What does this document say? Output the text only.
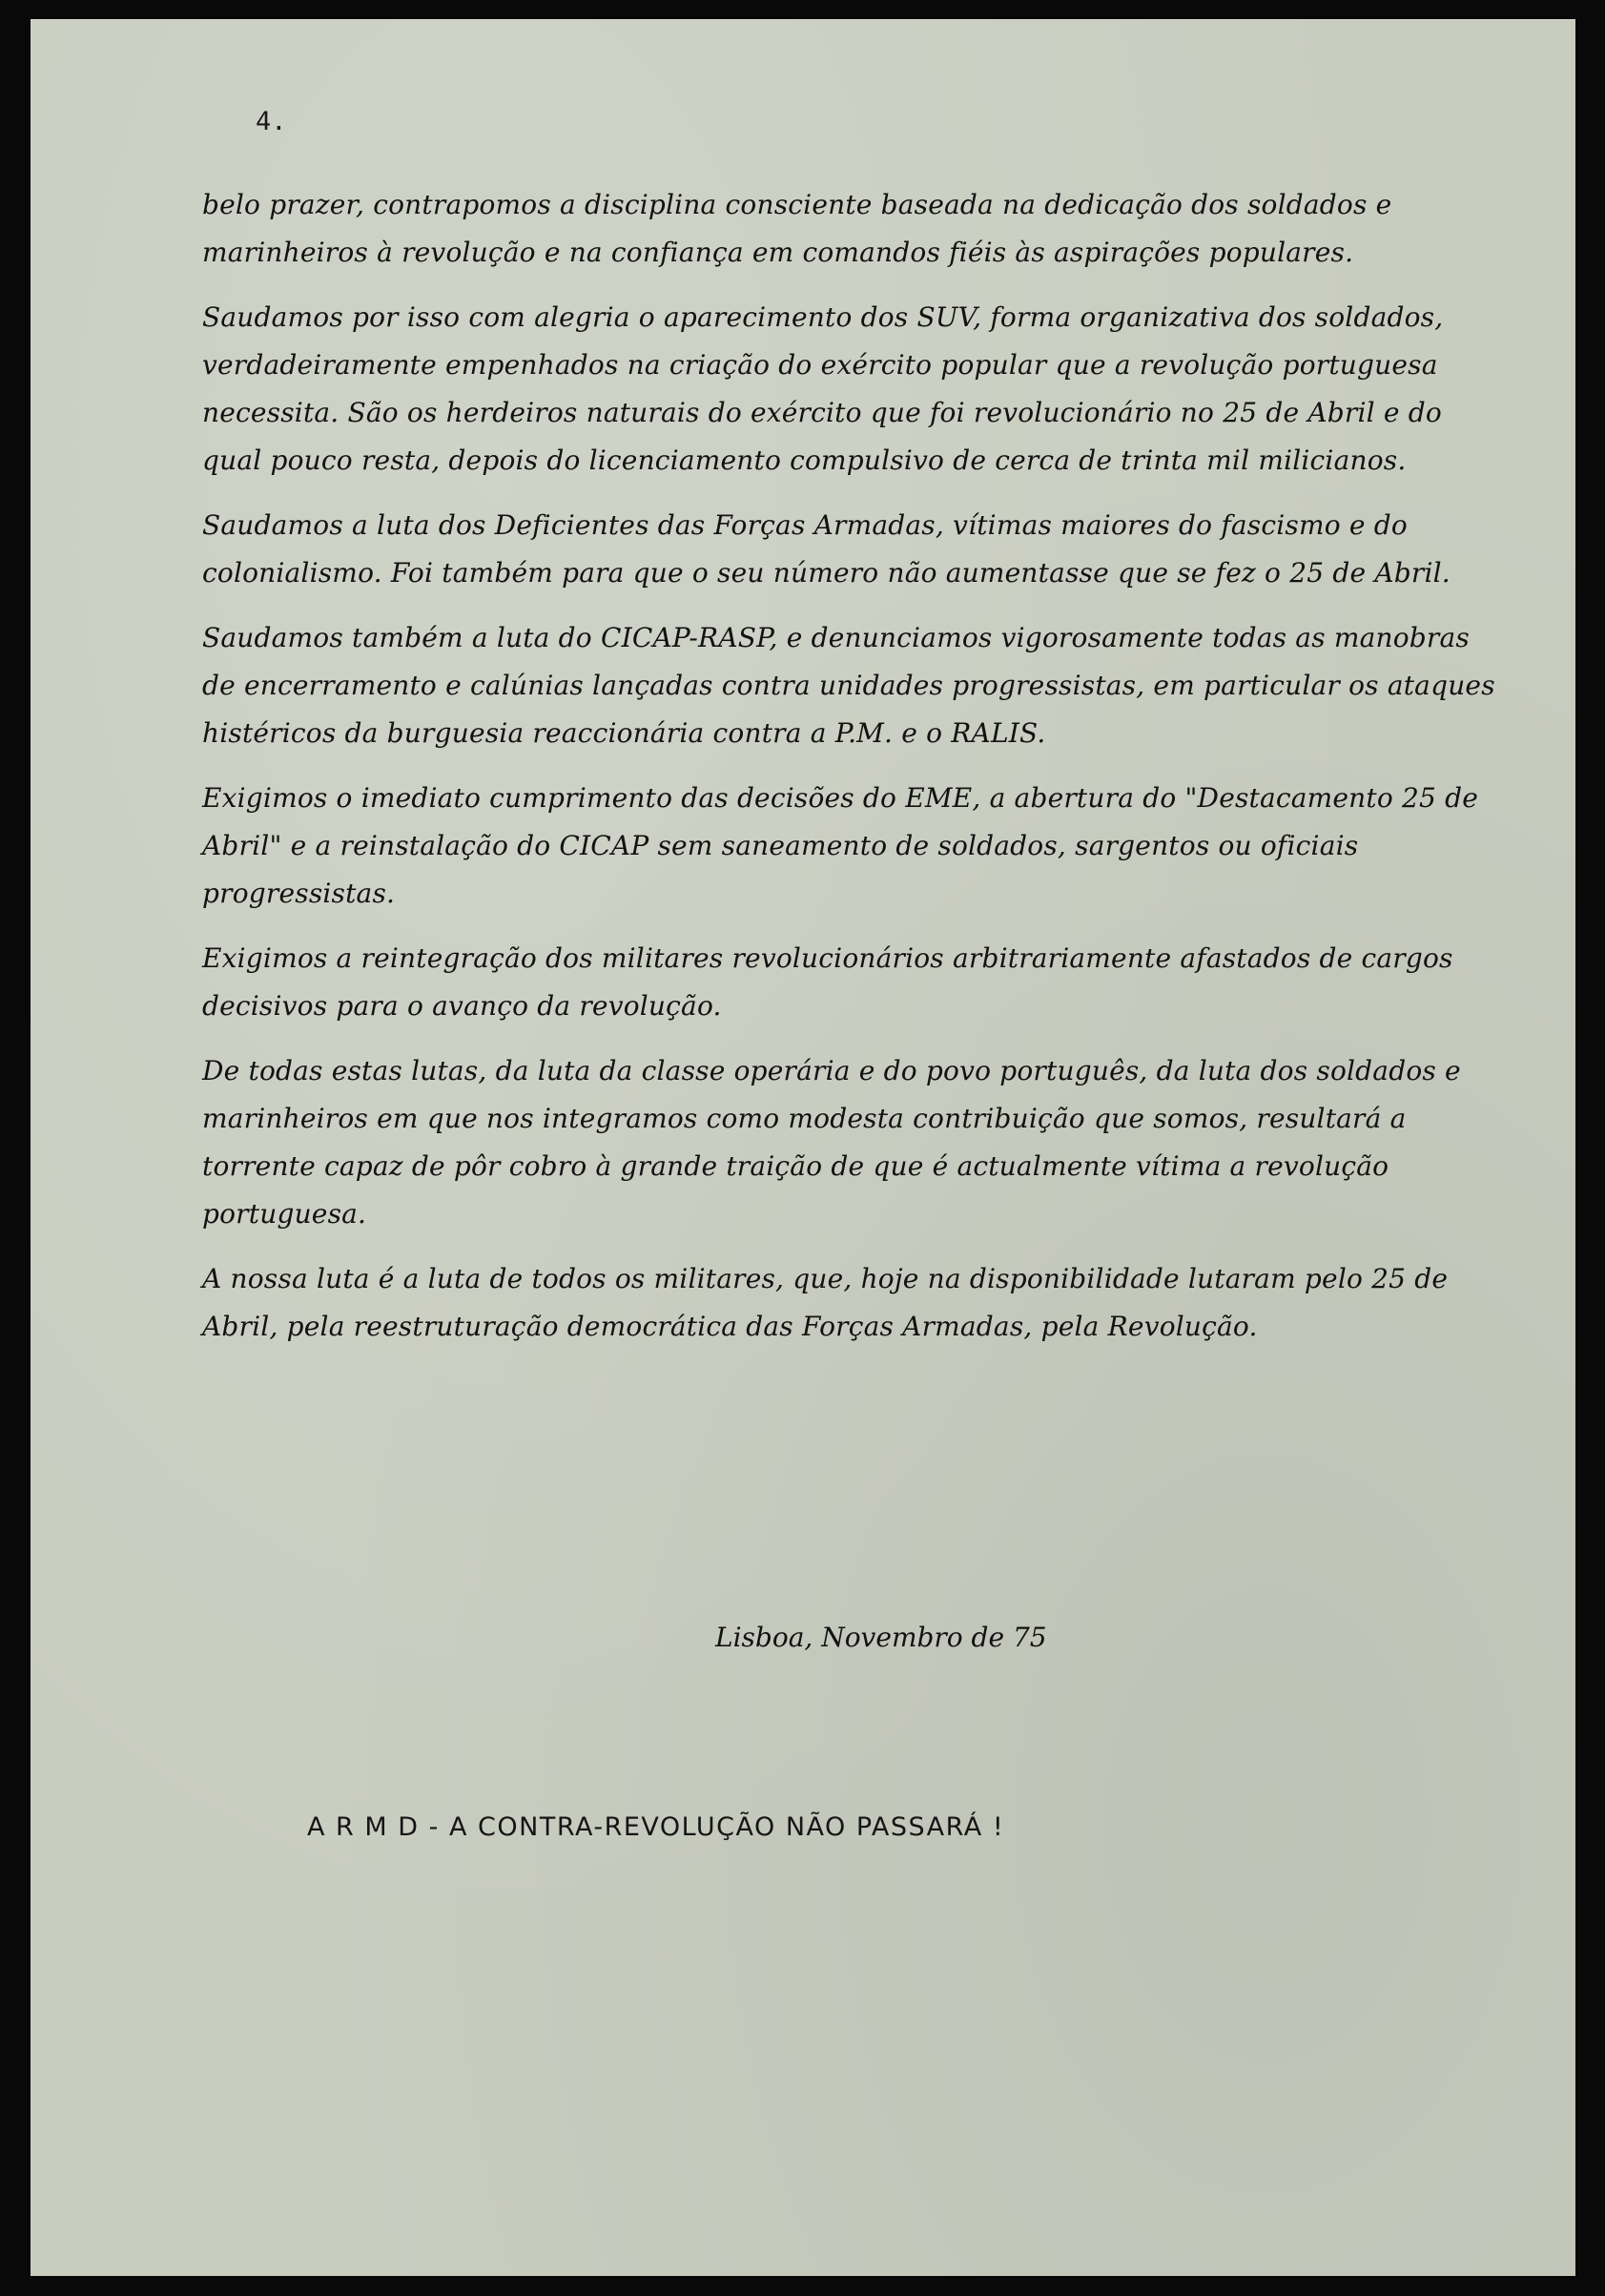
4.

belo prazer, contrapomos a disciplina consciente baseada na dedicação dos soldados e marinheiros à revolução e na confiança em comandos fiéis às aspirações populares.

Saudamos por isso com alegria o aparecimento dos SUV, forma organizativa dos soldados, verdadeiramente empenhados na criação do exército popular que a revolução portuguesa necessita. São os herdeiros naturais do exército que foi revolucionário no 25 de Abril e do qual pouco resta, depois do licenciamento compulsivo de cerca de trinta mil milicianos.

Saudamos a luta dos Deficientes das Forças Armadas, vítimas maiores do fascismo e do colonialismo. Foi também para que o seu número não aumentasse que se fez o 25 de Abril.

Saudamos também a luta do CICAP-RASP, e denunciamos vigorosamente todas as manobras de encerramento e calúnias lançadas contra unidades progressistas, em particular os ataques histéricos da burguesia reaccionária contra a P.M. e o RALIS.

Exigimos o imediato cumprimento das decisões do EME, a abertura do "Destacamento 25 de Abril" e a reinstalação do CICAP sem saneamento de soldados, sargentos ou oficiais progressistas.

Exigimos a reintegração dos militares revolucionários arbitrariamente afastados de cargos decisivos para o avanço da revolução.

De todas estas lutas, da luta da classe operária e do povo português, da luta dos soldados e marinheiros em que nos integramos como modesta contribuição que somos, resultará a torrente capaz de pôr cobro à grande traição de que é actualmente vítima a revolução portuguesa.

A nossa luta é a luta de todos os militares, que, hoje na disponibilidade lutaram pelo 25 de Abril, pela reestruturação democrática das Forças Armadas, pela Revolução.

Lisboa, Novembro de 75
A R M D - A CONTRA-REVOLUÇÃO NÃO PASSARÁ !
